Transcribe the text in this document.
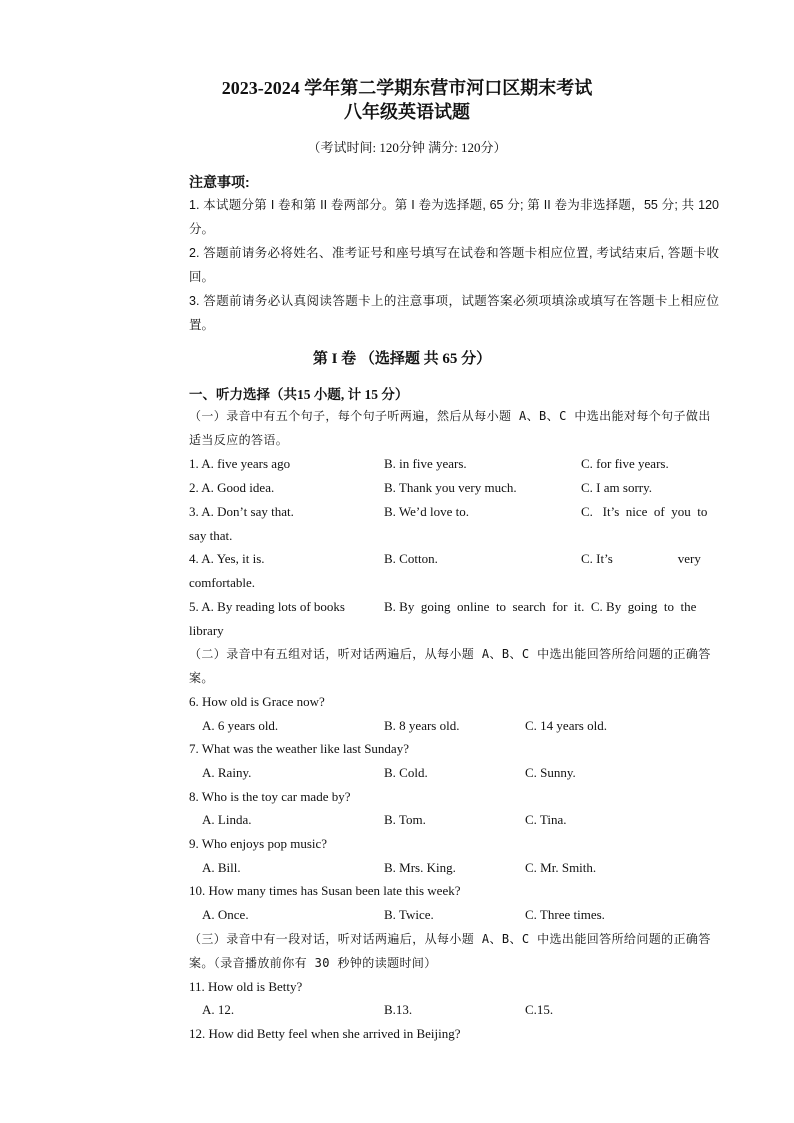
2023-2024 学年第二学期东营市河口区期末考试
八年级英语试题
（考试时间: 120分钟 满分: 120分）
注意事项:
1. 本试题分第 I 卷和第 II 卷两部分。第 I 卷为选择题, 65 分; 第 II 卷为非选择题，55 分; 共 120 分。
2. 答题前请务必将姓名、准考证号和座号填写在试卷和答题卡相应位置, 考试结束后, 答题卡收回。
3. 答题前请务必认真阅读答题卡上的注意事项，试题答案必须项填涂或填写在答题卡上相应位置。
第 I 卷 （选择题 共 65 分）
一、听力选择（共15 小题, 计 15 分）
（一）录音中有五个句子，每个句子听两遍，然后从每小题 A、B、C 中选出能对每个句子做出适当反应的答语。
1. A. five years ago	B. in five years.	C. for five years.
2. A. Good idea.	B. Thank you very much.	C. I am sorry.
3. A. Don’t say that.	B. We’d love to.	C.   It’s  nice  of  you  to
say that.
4. A. Yes, it is.	B. Cotton.	C. It’s                    very
comfortable.
5. A. By reading lots of books	B. By  going  online  to  search  for  it.  C. By  going  to  the
library
（二）录音中有五组对话，听对话两遍后，从每小题 A、B、C 中选出能回答所给问题的正确答案。
6. How old is Grace now?
A. 6 years old.	B. 8 years old.	C. 14 years old.
7. What was the weather like last Sunday?
A. Rainy.	B. Cold.	C. Sunny.
8. Who is the toy car made by?
A. Linda.	B. Tom.	C. Tina.
9. Who enjoys pop music?
A. Bill.	B. Mrs. King.	C. Mr. Smith.
10. How many times has Susan been late this week?
A. Once.	B. Twice.	C. Three times.
（三）录音中有一段对话，听对话两遍后，从每小题 A、B、C 中选出能回答所给问题的正确答案。（录音播放前你有 30 秒钟的读题时间）
11. How old is Betty?
A. 12.	B.13.	C.15.
12. How did Betty feel when she arrived in Beijing?
